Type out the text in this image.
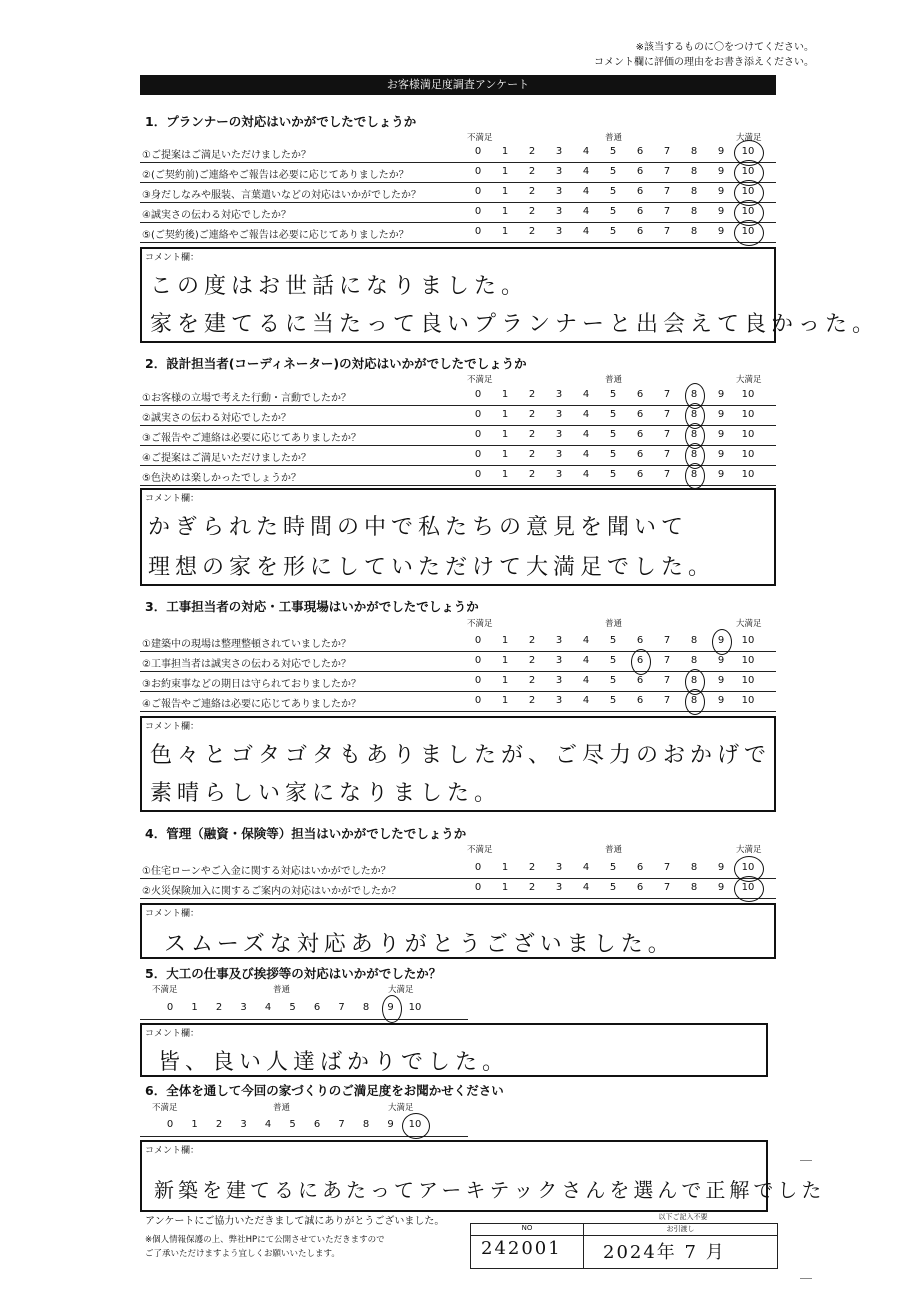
※該当するものに〇をつけてください。
コメント欄に評価の理由をお書き添えください。
お客様満足度調査アンケート
1．プランナーの対応はいかがでしたでしょうか
不満足	普通	大満足
①ご提案はご満足いただけましたか？	0	1	2	3	4	5	6	7	8	9	10
②(ご契約前)ご連絡やご報告は必要に応じてありましたか？	0	1	2	3	4	5	6	7	8	9	10
③身だしなみや服装、言葉遣いなどの対応はいかがでしたか？	0	1	2	3	4	5	6	7	8	9	10
④誠実さの伝わる対応でしたか？	0	1	2	3	4	5	6	7	8	9	10
⑤(ご契約後)ご連絡やご報告は必要に応じてありましたか？	0	1	2	3	4	5	6	7	8	9	10
コメント欄：
この度はお世話になりました。
家を建てるに当たって良いプランナーと出会えて良かった。
2．設計担当者(コーディネーター)の対応はいかがでしたでしょうか
不満足	普通	大満足
①お客様の立場で考えた行動・言動でしたか？	0	1	2	3	4	5	6	7	8	9	10
②誠実さの伝わる対応でしたか？	0	1	2	3	4	5	6	7	8	9	10
③ご報告やご連絡は必要に応じてありましたか？	0	1	2	3	4	5	6	7	8	9	10
④ご提案はご満足いただけましたか？	0	1	2	3	4	5	6	7	8	9	10
⑤色決めは楽しかったでしょうか？	0	1	2	3	4	5	6	7	8	9	10
コメント欄：
かぎられた時間の中で私たちの意見を聞いて
理想の家を形にしていただけて大満足でした。
3．工事担当者の対応・工事現場はいかがでしたでしょうか
不満足	普通	大満足
①建築中の現場は整理整頓されていましたか？	0	1	2	3	4	5	6	7	8	9	10
②工事担当者は誠実さの伝わる対応でしたか？	0	1	2	3	4	5	6	7	8	9	10
③お約束事などの期日は守られておりましたか？	0	1	2	3	4	5	6	7	8	9	10
④ご報告やご連絡は必要に応じてありましたか？	0	1	2	3	4	5	6	7	8	9	10
コメント欄：
色々とゴタゴタもありましたが、ご尽力のおかげで
素晴らしい家になりました。
4．管理（融資・保険等）担当はいかがでしたでしょうか
不満足	普通	大満足
①住宅ローンやご入金に関する対応はいかがでしたか？	0	1	2	3	4	5	6	7	8	9	10
②火災保険加入に関するご案内の対応はいかがでしたか？	0	1	2	3	4	5	6	7	8	9	10
コメント欄：
スムーズな対応ありがとうございました。
5．大工の仕事及び挨拶等の対応はいかがでしたか？
不満足	普通	大満足
0	1	2	3	4	5	6	7	8	9	10
コメント欄：
皆、良い人達ばかりでした。
6．全体を通して今回の家づくりのご満足度をお聞かせください
不満足	普通	大満足
0	1	2	3	4	5	6	7	8	9	10
コメント欄：
新築を建てるにあたってアーキテックさんを選んで正解でした
アンケートにご協力いただきまして誠にありがとうございました。
※個人情報保護の上、弊社HPにて公開させていただきますので
ご了承いただけますよう宜しくお願いいたします。
以下ご記入不要
NO	お引渡し
242001 2024年 7 月
